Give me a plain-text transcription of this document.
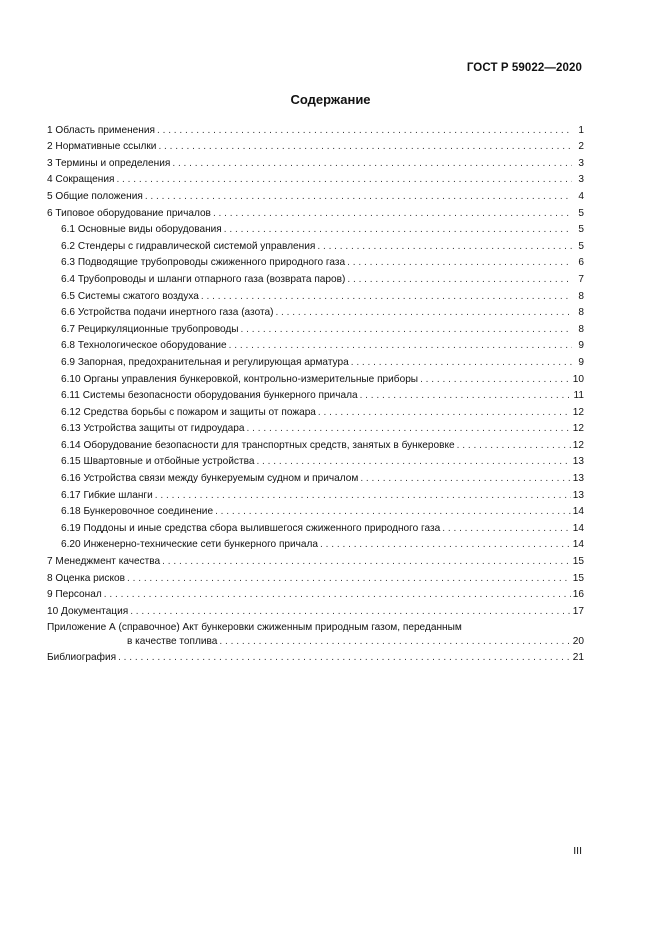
ГОСТ Р 59022—2020
Содержание
1 Область применения . . .	1
2 Нормативные ссылки . . .	2
3 Термины и определения . . .	3
4 Сокращения . . .	3
5 Общие положения . . .	4
6 Типовое оборудование причалов . . .	5
6.1 Основные виды оборудования . . .	5
6.2 Стендеры с гидравлической системой управления . . .	5
6.3 Подводящие трубопроводы сжиженного природного газа . . .	6
6.4 Трубопроводы и шланги отпарного газа (возврата паров) . . .	7
6.5 Системы сжатого воздуха . . .	8
6.6 Устройства подачи инертного газа (азота) . . .	8
6.7 Рециркуляционные трубопроводы . . .	8
6.8 Технологическое оборудование . . .	9
6.9 Запорная, предохранительная и регулирующая арматура . . .	9
6.10 Органы управления бункеровкой, контрольно-измерительные приборы . . .	10
6.11 Системы безопасности оборудования бункерного причала . . .	11
6.12 Средства борьбы с пожаром и защиты от пожара . . .	12
6.13 Устройства защиты от гидроудара . . .	12
6.14 Оборудование безопасности для транспортных средств, занятых в бункеровке . . .	12
6.15 Швартовные и отбойные устройства . . .	13
6.16 Устройства связи между бункеруемым судном и причалом . . .	13
6.17 Гибкие шланги . . .	13
6.18 Бункеровочное соединение . . .	14
6.19 Поддоны и иные средства сбора вылившегося сжиженного природного газа . . .	14
6.20 Инженерно-технические сети бункерного причала . . .	14
7 Менеджмент качества . . .	15
8 Оценка рисков . . .	15
9 Персонал . . .	16
10 Документация . . .	17
Приложение А (справочное) Акт бункеровки сжиженным природным газом, переданным
в качестве топлива . . .	20
Библиография . . .	21
III
